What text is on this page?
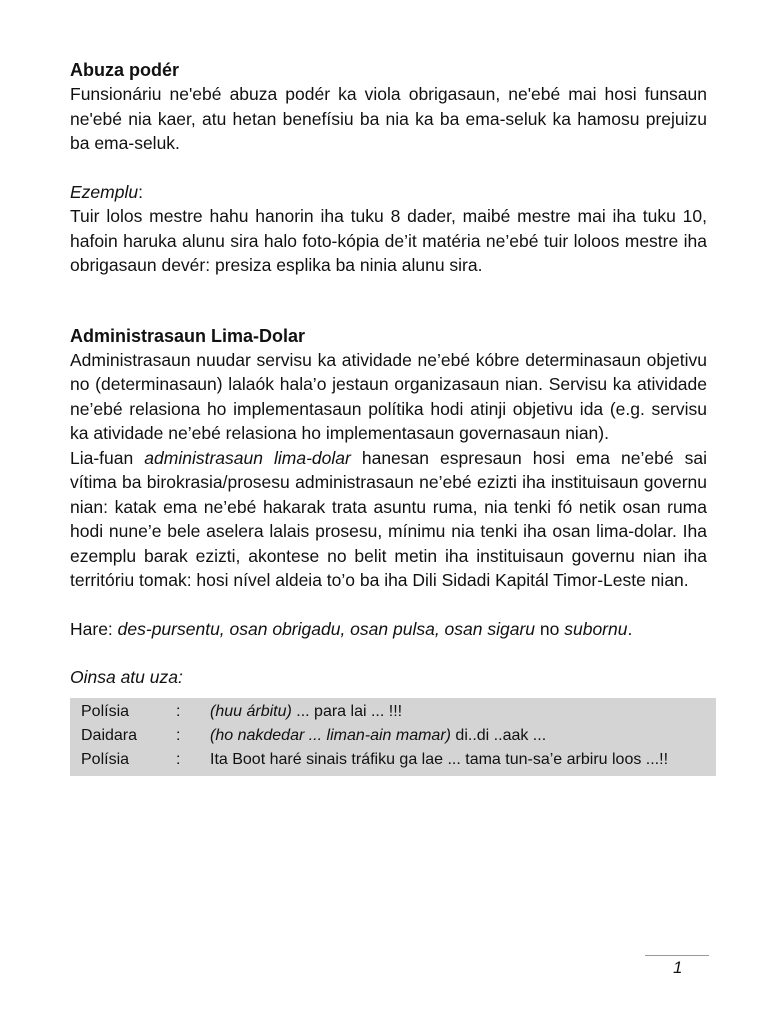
Abuza podér

Funsionáriu ne'ebé abuza podér ka viola obrigasaun, ne'ebé mai hosi funsaun ne'ebé nia kaer, atu hetan benefísiu ba nia ka ba ema-seluk ka hamosu prejuizu ba ema-seluk.

Ezemplu:

Tuir lolos mestre hahu hanorin iha tuku 8 dader, maibé mestre mai iha tuku 10, hafoin haruka alunu sira halo foto-kópia de’it matéria ne’ebé tuir loloos mestre iha obrigasaun devér: presiza esplika ba ninia alunu sira.

Administrasaun Lima-Dolar

Administrasaun nuudar servisu ka atividade ne’ebé kóbre determinasaun objetivu no (determinasaun) lalaók hala’o jestaun organizasaun nian. Servisu ka atividade ne’ebé relasiona ho implementasaun polítika hodi atinji objetivu ida (e.g. servisu ka atividade ne’ebé relasiona ho implementasaun governasaun nian).

Lia-fuan administrasaun lima-dolar hanesan espresaun hosi ema ne’ebé sai vítima ba birokrasia/prosesu administrasaun ne’ebé ezizti iha instituisaun governu nian: katak ema ne’ebé hakarak trata asuntu ruma, nia tenki fó netik osan ruma hodi nune’e bele aselera lalais prosesu, mínimu nia tenki iha osan lima-dolar. Iha ezemplu barak ezizti, akontese no belit metin iha instituisaun governu nian iha territóriu tomak: hosi nível aldeia to’o ba iha Dili Sidadi Kapitál Timor-Leste nian.

Hare: des-pursentu, osan obrigadu, osan pulsa, osan sigaru no subornu.

Oinsa atu uza:

Polísia	:	(huu árbitu) ... para lai ... !!!
Daidara	:	(ho nakdedar ... liman-ain mamar) di..di ..aak ...
Polísia	:	Ita Boot haré sinais tráfiku ga lae ... tama tun-sa’e arbiru loos ...!!
1
